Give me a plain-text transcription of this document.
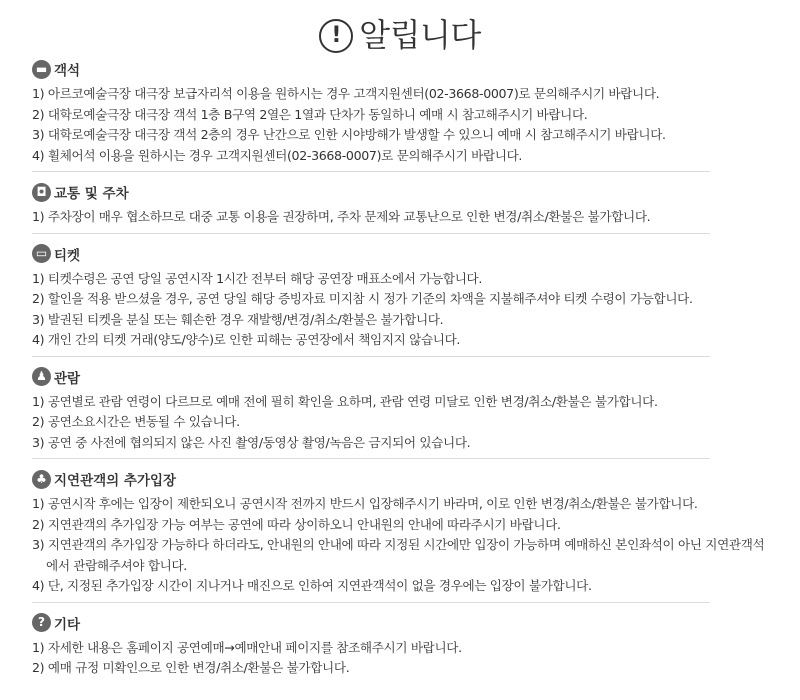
! 알립니다
▬ 객석
1) 아르코예술극장 대극장 보급자리석 이용을 원하시는 경우 고객지원센터(02-3668-0007)로 문의해주시기 바랍니다.
2) 대학로예술극장 대극장 객석 1층 B구역 2열은 1열과 단차가 동일하니 예매 시 참고해주시기 바랍니다.
3) 대학로예술극장 대극장 객석 2층의 경우 난간으로 인한 시야방해가 발생할 수 있으니 예매 시 참고해주시기 바랍니다.
4) 휠체어석 이용을 원하시는 경우 고객지원센터(02-3668-0007)로 문의해주시기 바랍니다.
◘ 교통 및 주차
1) 주차장이 매우 협소하므로 대중 교통 이용을 권장하며, 주차 문제와 교통난으로 인한 변경/취소/환불은 불가합니다.
▭ 티켓
1) 티켓수령은 공연 당일 공연시작 1시간 전부터 해당 공연장 매표소에서 가능합니다.
2) 할인을 적용 받으셨을 경우, 공연 당일 해당 증빙자료 미지참 시 정가 기준의 차액을 지불해주셔야 티켓 수령이 가능합니다.
3) 발권된 티켓을 분실 또는 훼손한 경우 재발행/변경/취소/환불은 불가합니다.
4) 개인 간의 티켓 거래(양도/양수)로 인한 피해는 공연장에서 책임지지 않습니다.
♟ 관람
1) 공연별로 관람 연령이 다르므로 예매 전에 필히 확인을 요하며, 관람 연령 미달로 인한 변경/취소/환불은 불가합니다.
2) 공연소요시간은 변동될 수 있습니다.
3) 공연 중 사전에 협의되지 않은 사진 촬영/동영상 촬영/녹음은 금지되어 있습니다.
♣ 지연관객의 추가입장
1) 공연시작 후에는 입장이 제한되오니 공연시작 전까지 반드시 입장해주시기 바라며, 이로 인한 변경/취소/환불은 불가합니다.
2) 지연관객의 추가입장 가능 여부는 공연에 따라 상이하오니 안내원의 안내에 따라주시기 바랍니다.
3) 지연관객의 추가입장 가능하다 하더라도, 안내원의 안내에 따라 지정된 시간에만 입장이 가능하며 예매하신 본인좌석이 아닌 지연관객석에서 관람해주셔야 합니다.
4) 단, 지정된 추가입장 시간이 지나거나 매진으로 인하여 지연관객석이 없을 경우에는 입장이 불가합니다.
? 기타
1) 자세한 내용은 홈페이지 공연예매→예매안내 페이지를 참조해주시기 바랍니다.
2) 예매 규정 미확인으로 인한 변경/취소/환불은 불가합니다.
